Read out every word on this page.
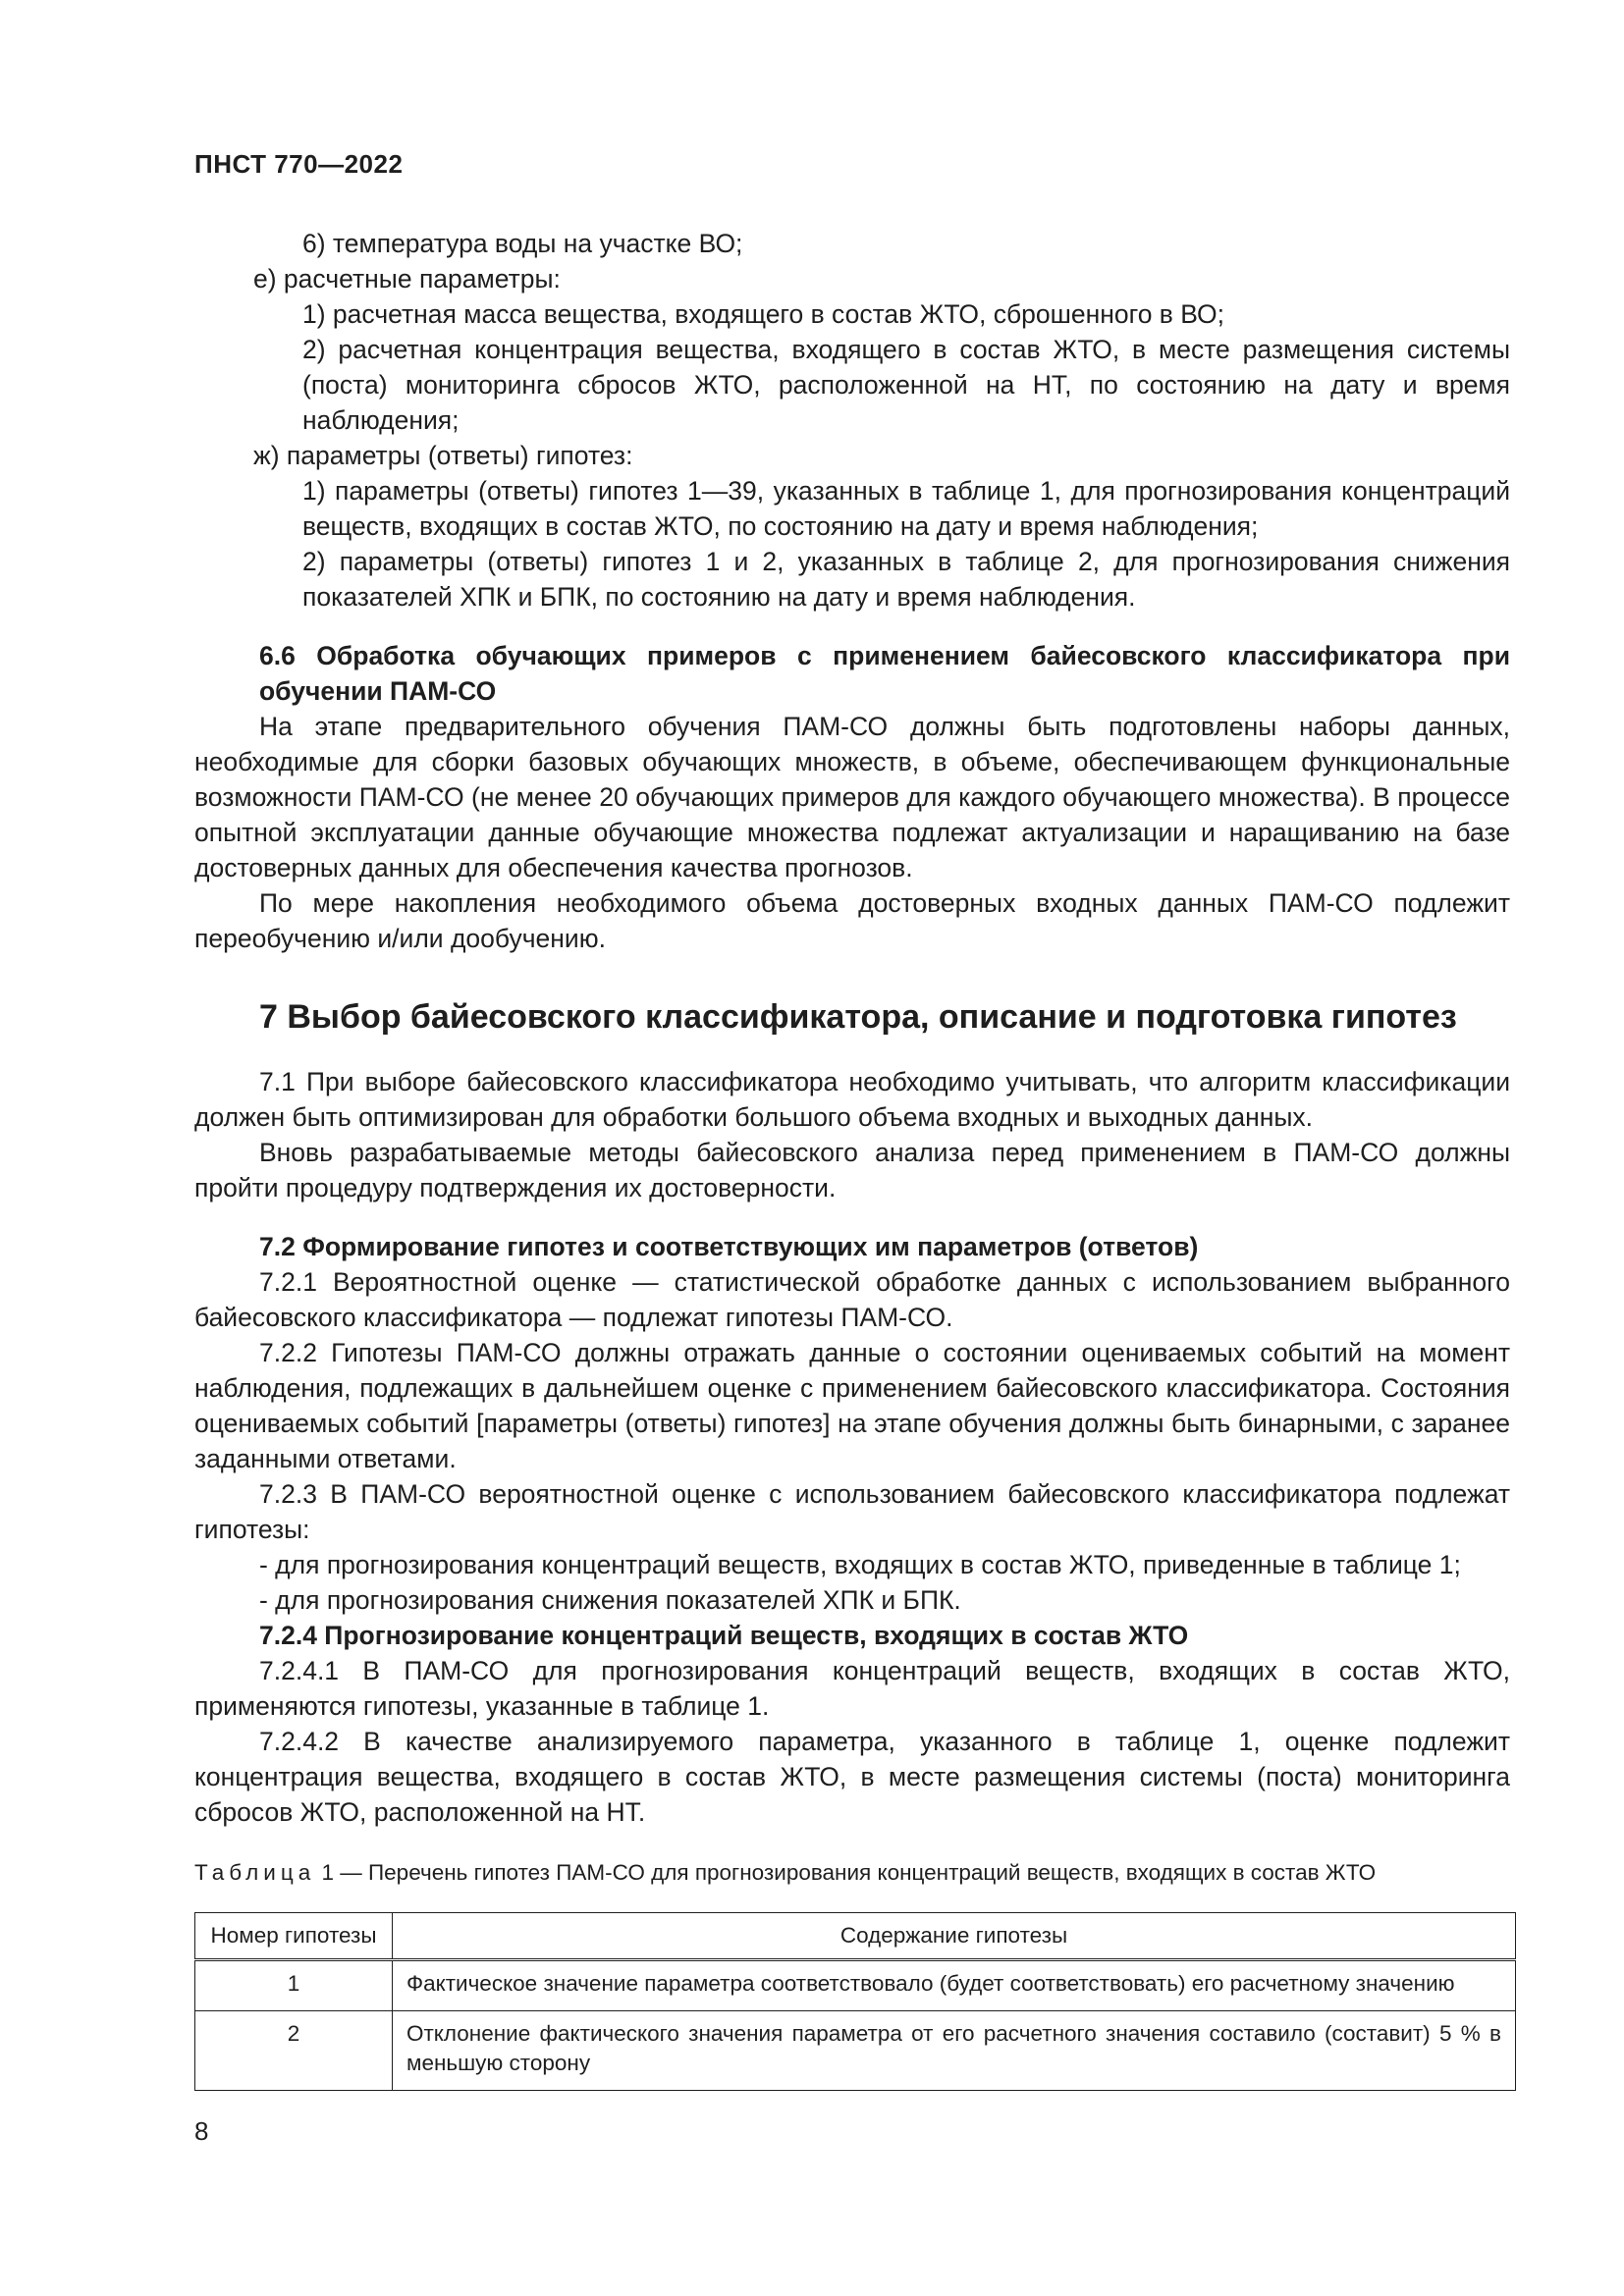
ПНСТ 770—2022

6) температура воды на участке ВО;

е) расчетные параметры:

1) расчетная масса вещества, входящего в состав ЖТО, сброшенного в ВО;

2) расчетная концентрация вещества, входящего в состав ЖТО, в месте размещения системы (поста) мониторинга сбросов ЖТО, расположенной на НТ, по состоянию на дату и время наблюдения;

ж) параметры (ответы) гипотез:

1) параметры (ответы) гипотез 1—39, указанных в таблице 1, для прогнозирования концентраций веществ, входящих в состав ЖТО, по состоянию на дату и время наблюдения;

2) параметры (ответы) гипотез 1 и 2, указанных в таблице 2, для прогнозирования снижения показателей ХПК и БПК, по состоянию на дату и время наблюдения.

6.6 Обработка обучающих примеров с применением байесовского классификатора при обучении ПАМ-СО

На этапе предварительного обучения ПАМ-СО должны быть подготовлены наборы данных, необходимые для сборки базовых обучающих множеств, в объеме, обеспечивающем функциональные возможности ПАМ-СО (не менее 20 обучающих примеров для каждого обучающего множества). В процессе опытной эксплуатации данные обучающие множества подлежат актуализации и наращиванию на базе достоверных данных для обеспечения качества прогнозов.

По мере накопления необходимого объема достоверных входных данных ПАМ-СО подлежит переобучению и/или дообучению.

7 Выбор байесовского классификатора, описание и подготовка гипотез

7.1 При выборе байесовского классификатора необходимо учитывать, что алгоритм классификации должен быть оптимизирован для обработки большого объема входных и выходных данных.

Вновь разрабатываемые методы байесовского анализа перед применением в ПАМ-СО должны пройти процедуру подтверждения их достоверности.

7.2 Формирование гипотез и соответствующих им параметров (ответов)

7.2.1 Вероятностной оценке — статистической обработке данных с использованием выбранного байесовского классификатора — подлежат гипотезы ПАМ-СО.

7.2.2 Гипотезы ПАМ-СО должны отражать данные о состоянии оцениваемых событий на момент наблюдения, подлежащих в дальнейшем оценке с применением байесовского классификатора. Состояния оцениваемых событий [параметры (ответы) гипотез] на этапе обучения должны быть бинарными, с заранее заданными ответами.

7.2.3 В ПАМ-СО вероятностной оценке с использованием байесовского классификатора подлежат гипотезы:

- для прогнозирования концентраций веществ, входящих в состав ЖТО, приведенные в таблице 1;

- для прогнозирования снижения показателей ХПК и БПК.

7.2.4 Прогнозирование концентраций веществ, входящих в состав ЖТО

7.2.4.1 В ПАМ-СО для прогнозирования концентраций веществ, входящих в состав ЖТО, применяются гипотезы, указанные в таблице 1.

7.2.4.2 В качестве анализируемого параметра, указанного в таблице 1, оценке подлежит концентрация вещества, входящего в состав ЖТО, в месте размещения системы (поста) мониторинга сбросов ЖТО, расположенной на НТ.

Таблица 1 — Перечень гипотез ПАМ-СО для прогнозирования концентраций веществ, входящих в состав ЖТО

Номер гипотезы	Содержание гипотезы
1	Фактическое значение параметра соответствовало (будет соответствовать) его расчетному значению
2	Отклонение фактического значения параметра от его расчетного значения составило (составит) 5 % в меньшую сторону
8
